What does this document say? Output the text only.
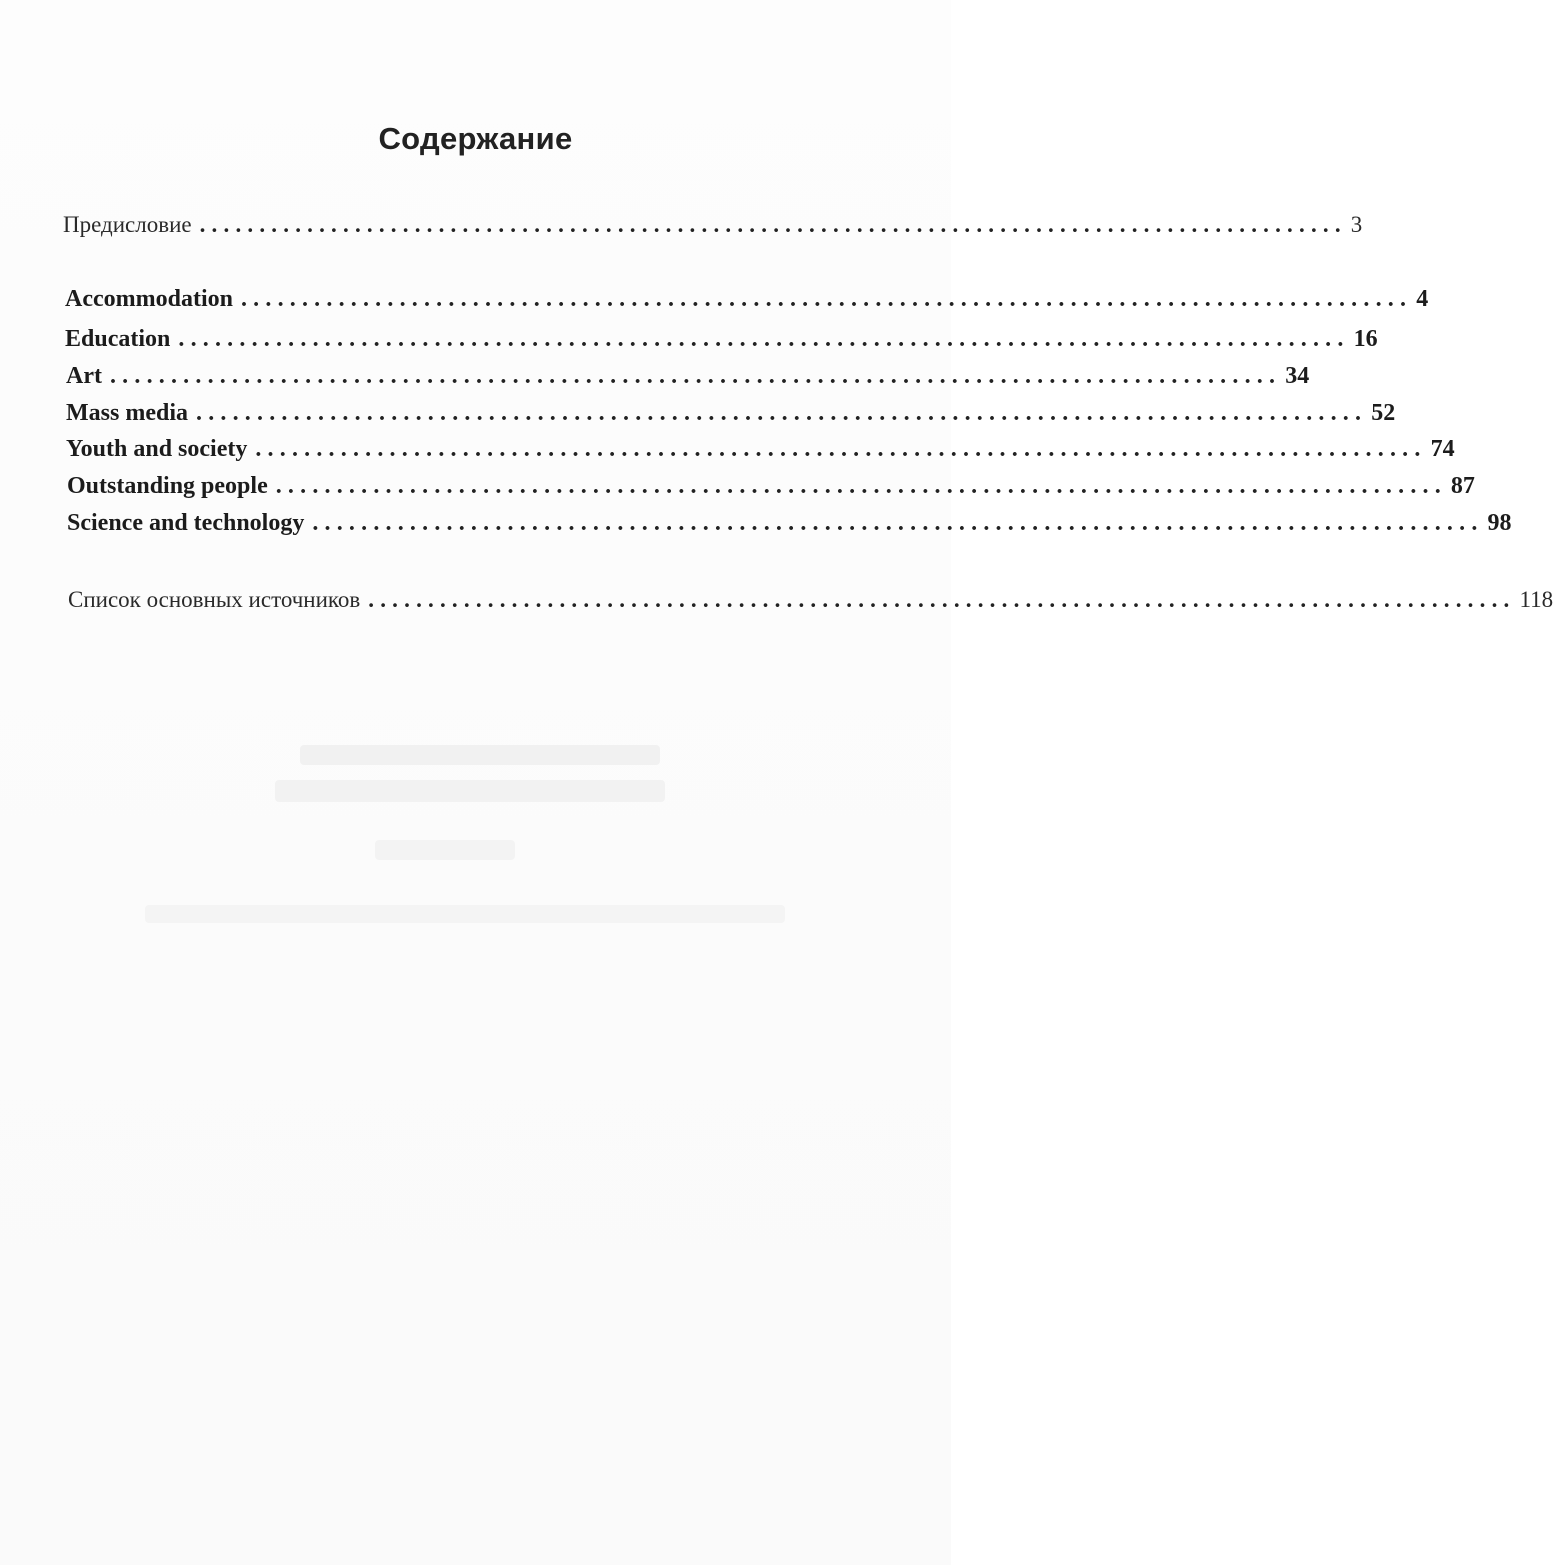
Содержание
Предисловие ................................................................................................ 3
Accommodation ................................................................................................ 4
Education ................................................................................................ 16
Art ................................................................................................ 34
Mass media ................................................................................................ 52
Youth and society ................................................................................................ 74
Outstanding people ................................................................................................ 87
Science and technology ................................................................................................ 98
Список основных источников ................................................................................................ 118
